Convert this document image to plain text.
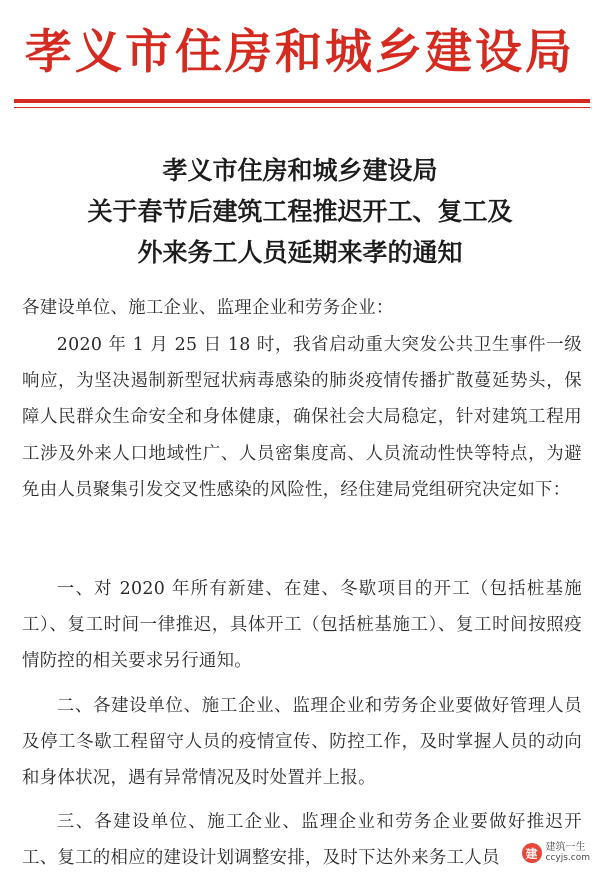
孝义市住房和城乡建设局
孝义市住房和城乡建设局
关于春节后建筑工程推迟开工、复工及
外来务工人员延期来孝的通知
各建设单位、施工企业、监理企业和劳务企业：
2020 年 1 月 25 日 18 时，我省启动重大突发公共卫生事件一级响应，为坚决遏制新型冠状病毒感染的肺炎疫情传播扩散蔓延势头，保障人民群众生命安全和身体健康，确保社会大局稳定，针对建筑工程用工涉及外来人口地域性广、人员密集度高、人员流动性快等特点，为避免由人员聚集引发交叉性感染的风险性，经住建局党组研究决定如下：
一、对 2020 年所有新建、在建、冬歇项目的开工（包括桩基施工）、复工时间一律推迟，具体开工（包括桩基施工）、复工时间按照疫情防控的相关要求另行通知。
二、各建设单位、施工企业、监理企业和劳务企业要做好管理人员及停工冬歇工程留守人员的疫情宣传、防控工作，及时掌握人员的动向和身体状况，遇有异常情况及时处置并上报。
三、各建设单位、施工企业、监理企业和劳务企业要做好推迟开工、复工的相应的建设计划调整安排，及时下达外来务工人员	建 建筑一生
ccyjs.com
